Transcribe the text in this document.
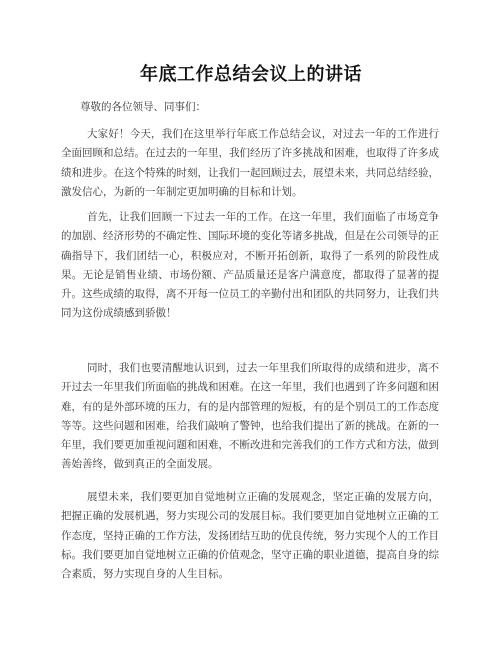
年底工作总结会议上的讲话

尊敬的各位领导、同事们：

大家好！今天，我们在这里举行年底工作总结会议，对过去一年的工作进行全面回顾和总结。在过去的一年里，我们经历了许多挑战和困难，也取得了许多成绩和进步。在这个特殊的时刻，让我们一起回顾过去，展望未来，共同总结经验，激发信心，为新的一年制定更加明确的目标和计划。

首先，让我们回顾一下过去一年的工作。在这一年里，我们面临了市场竞争的加剧、经济形势的不确定性、国际环境的变化等诸多挑战，但是在公司领导的正确指导下，我们团结一心，积极应对，不断开拓创新，取得了一系列的阶段性成果。无论是销售业绩、市场份额、产品质量还是客户满意度，都取得了显著的提升。这些成绩的取得，离不开每一位员工的辛勤付出和团队的共同努力，让我们共同为这份成绩感到骄傲！

同时，我们也要清醒地认识到，过去一年里我们所取得的成绩和进步，离不开过去一年里我们所面临的挑战和困难。在这一年里，我们也遇到了许多问题和困难，有的是外部环境的压力，有的是内部管理的短板，有的是个别员工的工作态度等等。这些问题和困难，给我们敲响了警钟，也给我们提出了新的挑战。在新的一年里，我们要更加重视问题和困难，不断改进和完善我们的工作方式和方法，做到善始善终，做到真正的全面发展。

展望未来，我们要更加自觉地树立正确的发展观念，坚定正确的发展方向，把握正确的发展机遇，努力实现公司的发展目标。我们要更加自觉地树立正确的工作态度，坚持正确的工作方法，发扬团结互助的优良传统，努力实现个人的工作目标。我们要更加自觉地树立正确的价值观念，坚守正确的职业道德，提高自身的综合素质，努力实现自身的人生目标。
